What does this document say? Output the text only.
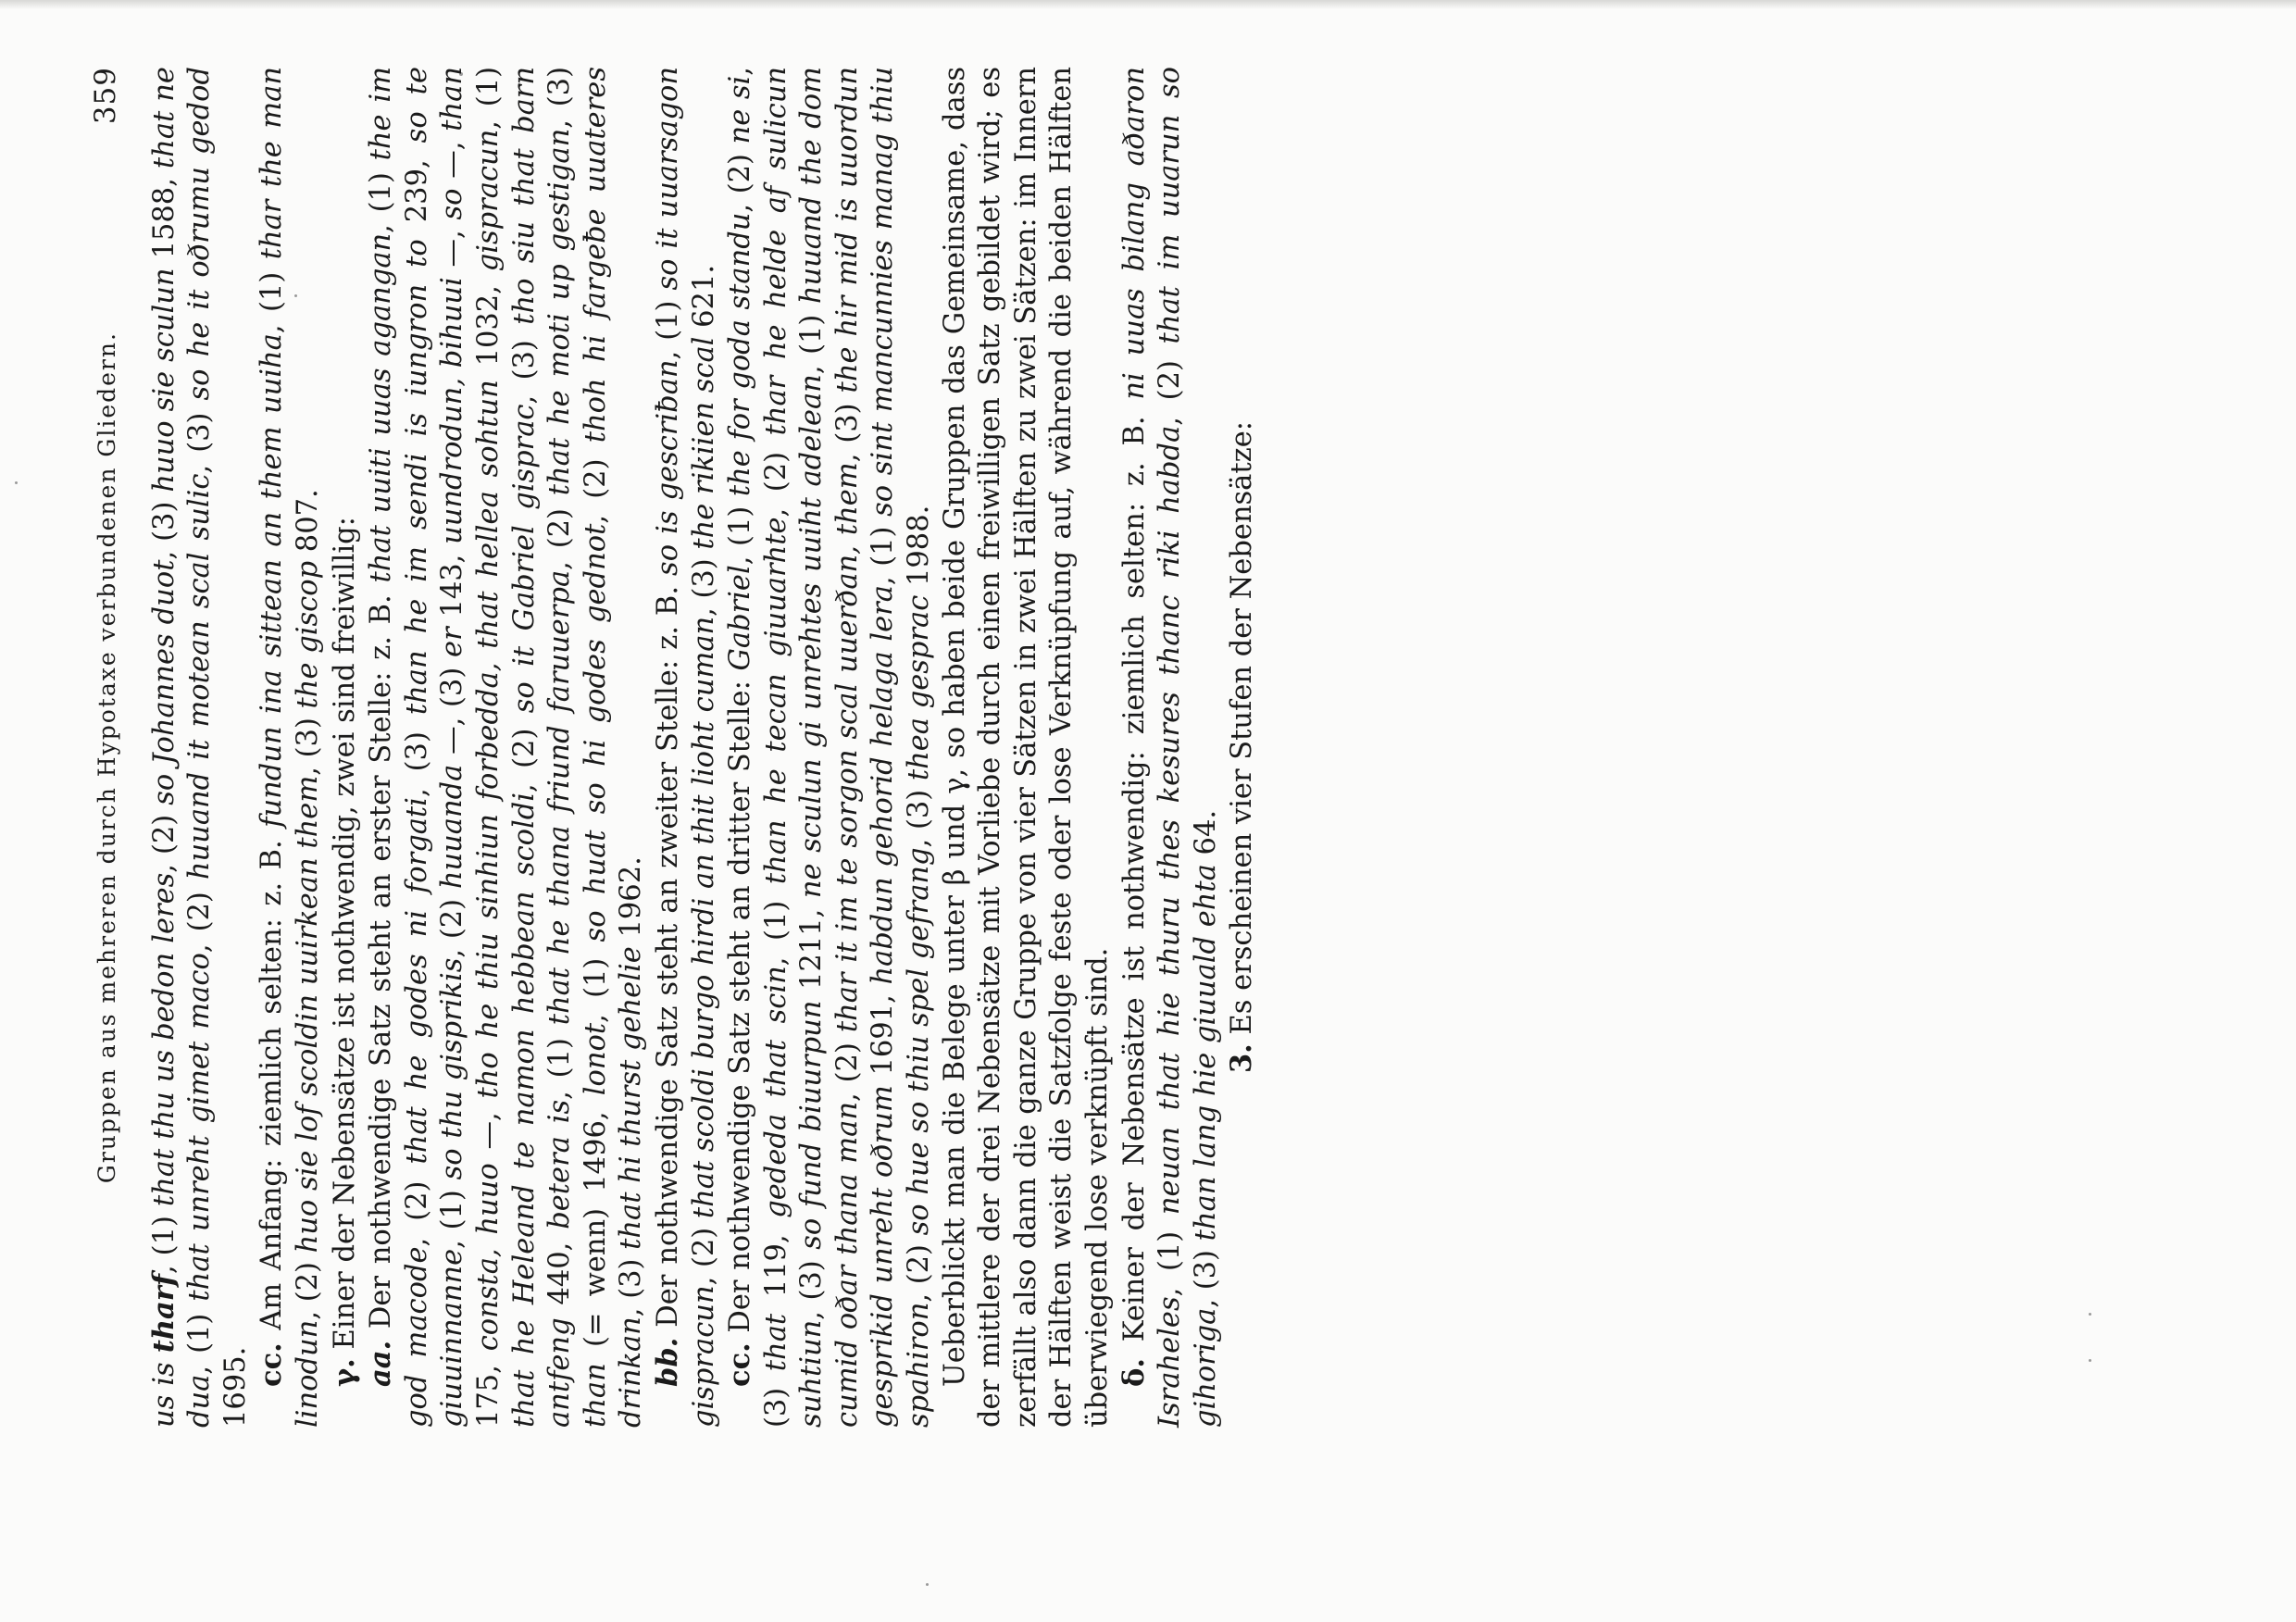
Gruppen aus mehreren durch Hypotaxe verbundenen Gliedern.
359

us is tharf, (1) that thu us bedon leres, (2) so Johannes duot, (3) huuo sie sculun 1588, that ne dua, (1) that unreht gimet maco, (2) huuand it motean scal sulic, (3) so he it oðrumu gedod 1695. cc. Am Anfang: ziemlich selten: z. B. fundun ina sittean an them uuiha, (1) thar the man linodun, (2) huo sie lof scoldin uuirkean them, (3) the giscop 807.

γ. Einer der Nebensätze ist nothwendig, zwei sind freiwillig:

aa. Der nothwendige Satz steht an erster Stelle: z. B. that uuiti uuas agangan, (1) the im god macode, (2) that he godes ni forgati, (3) than he im sendi is iungron to 239, so te giuuinnanne, (1) so thu gisprikis, (2) huuanda —, (3) er 143, uundrodun, bihuui —, so —, than 175, consta, huuo —, tho he thiu sinhiun forbedda, that hellea sohtun 1032, gispracun, (1) that he Heleand te namon hebbean scoldi, (2) so it Gabriel gisprac, (3) tho siu that barn antfeng 440, betera is, (1) that he thana friund faruuerpa, (2) that he moti up gestigan, (3) than (= wenn) 1496, lonot, (1) so huat so hi godes gednot, (2) thoh hi fargeƀe uuateres drinkan, (3) that hi thurst gehelie 1962.

bb. Der nothwendige Satz steht an zweiter Stelle: z. B. so is gescriƀan, (1) so it uuarsagon gispracun, (2) that scoldi burgo hirdi an thit lioht cuman, (3) the rikiien scal 621.

cc. Der nothwendige Satz steht an dritter Stelle: Gabriel, (1) the for goda standu, (2) ne si, (3) that 119, gededa that scin, (1) than he tecan giuuarhte, (2) thar he helde af sulicun suhtiun, (3) so fund biuurpun 1211, ne sculun gi unrehtes uuiht adelean, (1) huuand the dom cumid oðar thana man, (2) thar it im te sorgon scal uuerðan, them, (3) the hir mid is uuordun gesprikid unreht oðrum 1691, habdun gehorid helaga lera, (1) so sint mancunnies manag thiu spahiron, (2) so hue so thiu spel gefrang, (3) thea gesprac 1988. Ueberblickt man die Belege unter β und γ, so haben beide Gruppen das Gemeinsame, dass der mittlere der drei Nebensätze mit Vorliebe durch einen freiwilligen Satz gebildet wird; es zerfällt also dann die ganze Gruppe von vier Sätzen in zwei Hälften zu zwei Sätzen: im Innern der Hälften weist die Satzfolge feste oder lose Verknüpfung auf, während die beiden Hälften überwiegend lose verknüpft sind. δ. Keiner der Nebensätze ist nothwendig: ziemlich selten: z. B. ni uuas bilang aðaron Israheles, (1) neuan that hie thuru thes kesures thanc riki habda, (2) that im uuarun so gihoriga, (3) than lang hie giuuald ehta 64.

3. Es erscheinen vier Stufen der Nebensätze:
